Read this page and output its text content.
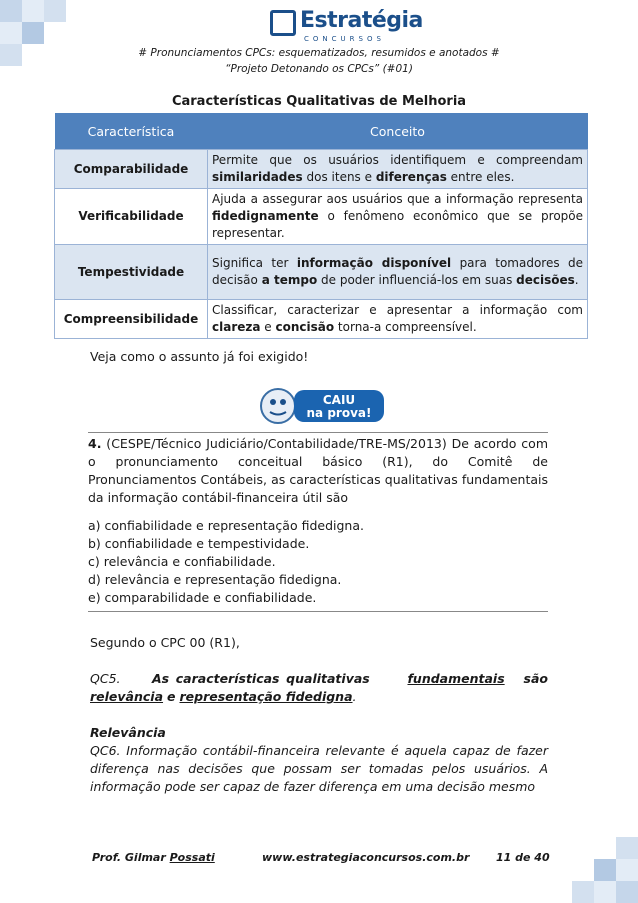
Estratégia
CONCURSOS
# Pronunciamentos CPCs: esquematizados, resumidos e anotados #
“Projeto Detonando os CPCs” (#01)
Características Qualitativas de Melhoria
Característica	Conceito
Comparabilidade	Permite que os usuários identifiquem e compreendam similaridades dos itens e diferenças entre eles.
Verificabilidade	Ajuda a assegurar aos usuários que a informação representa fidedignamente o fenômeno econômico que se propõe representar.
Tempestividade	Significa ter informação disponível para tomadores de decisão a tempo de poder influenciá-los em suas decisões.
Compreensibilidade	Classificar, caracterizar e apresentar a informação com clareza e concisão torna-a compreensível.
Veja como o assunto já foi exigido!
CAIU
na prova!

4. (CESPE/Técnico Judiciário/Contabilidade/TRE-MS/2013) De acordo com o pronunciamento conceitual básico (R1), do Comitê de Pronunciamentos Contábeis, as características qualitativas fundamentais da informação contábil-financeira útil são

a) confiabilidade e representação fidedigna.

b) confiabilidade e tempestividade.

c) relevância e confiabilidade.

d) relevância e representação fidedigna.

e) comparabilidade e confiabilidade.

Segundo o CPC 00 (R1),
QC5.	As características qualitativas	fundamentais são relevância e representação fidedigna.
Relevância
QC6. Informação contábil-financeira relevante é aquela capaz de fazer diferença nas decisões que possam ser tomadas pelos usuários. A informação pode ser capaz de fazer diferença em uma decisão mesmo
Prof. Gilmar Possati	www.estrategiaconcursos.com.br 11 de 40
